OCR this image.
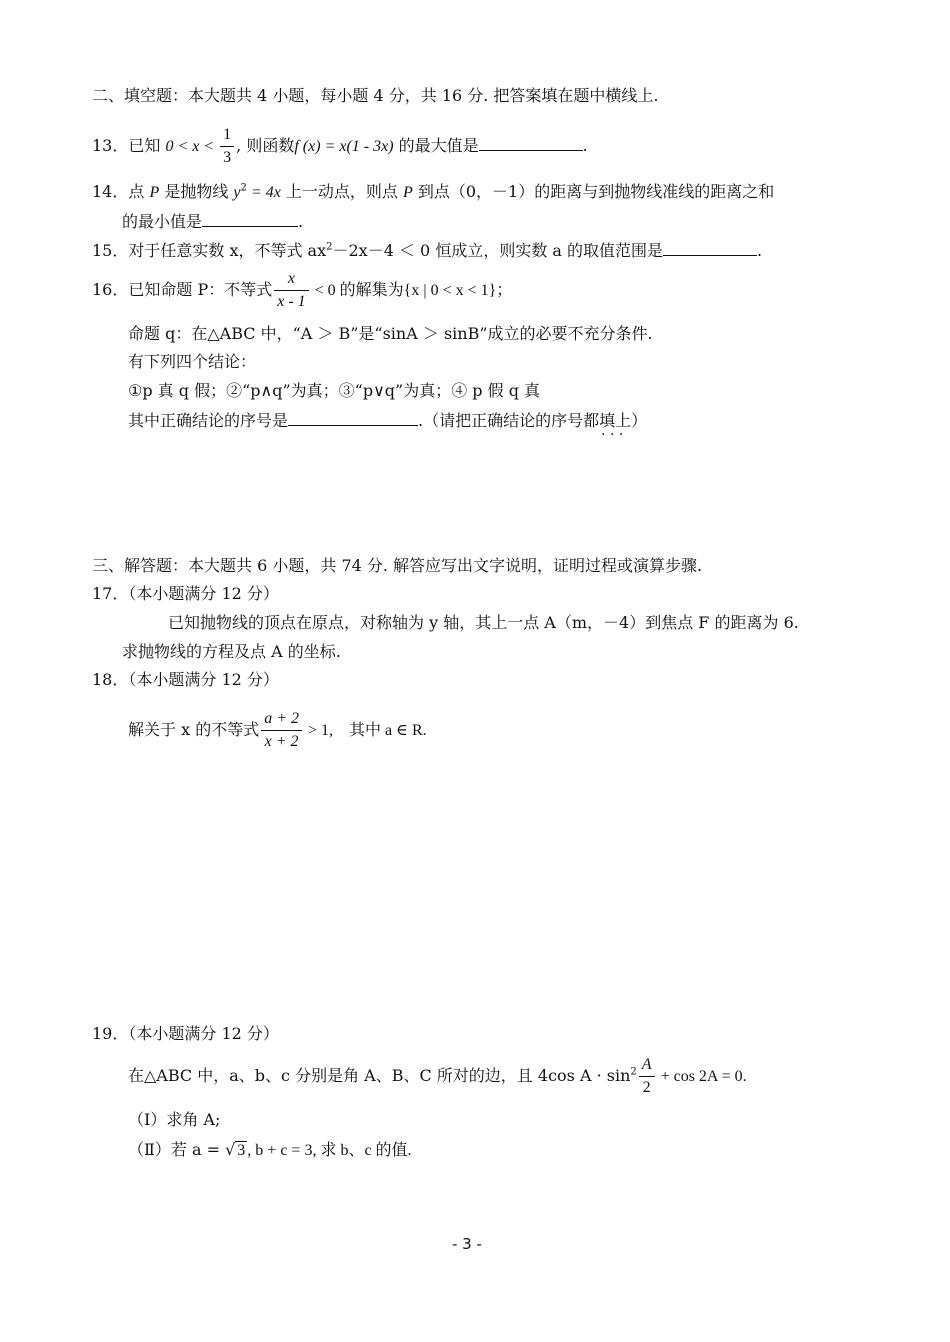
二、填空题：本大题共 4 小题，每小题 4 分，共 16 分. 把答案填在题中横线上.
13．已知 $0 < x < \frac{1}{3}$ , 则函数f (x) = x(1 - 3x) 的最大值是	.
14．点 P 是抛物线 $y^2 = 4x$ 上一动点，则点 P 到点（0，－1）的距离与到抛物线准线的距离之和
的最小值是	.
15．对于任意实数 x，不等式 $ax^2-2x-4 < 0$ 恒成立，则实数 a 的取值范围是	.
16．已知命题 P：不等式 $\frac{x}{x - 1} < 0$ 的解集为{x | 0 < x < 1}；
命题 q：在△ABC 中，“A ＞ B”是“sinA ＞ sinB”成立的必要不充分条件.
有下列四个结论：
①p 真 q 假；②“p∧q”为真；③“p∨q”为真；④ p 假 q 真
其中正确结论的序号是	.（请把正确结论的序号都填上 · · ·）
三、解答题：本大题共 6 小题，共 74 分. 解答应写出文字说明，证明过程或演算步骤.
17．（本小题满分 12 分）
已知抛物线的顶点在原点，对称轴为 y 轴，其上一点 A（m，－4）到焦点 F 的距离为 6.
求抛物线的方程及点 A 的坐标.
18．（本小题满分 12 分）
解关于 x 的不等式 $\frac{a + 2}{x + 2} > 1$,　其中 a ∈ R.
19．（本小题满分 12 分）
在△ABC 中，a、b、c 分别是角 A、B、C 所对的边，且 4cos $A \cdot \sin^2 \frac{A}{2} + \cos 2A = 0$.
（Ⅰ）求角 A;
（Ⅱ）若 a = √ 3 , b + c = 3, 求 b、c 的值.
- 3 -
